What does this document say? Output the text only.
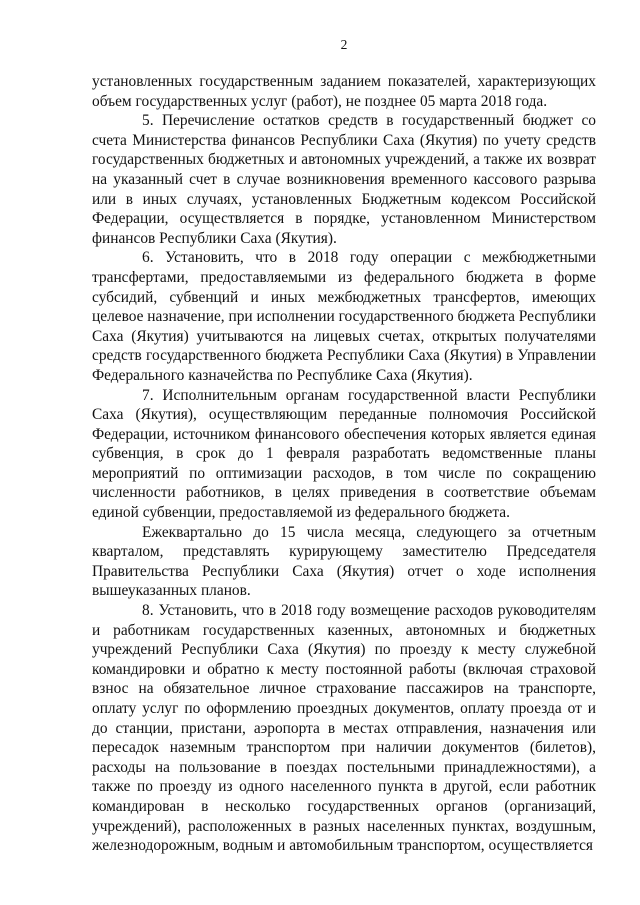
2

установленных государственным заданием показателей, характеризующих объем государственных услуг (работ), не позднее 05 марта 2018 года.

5. Перечисление остатков средств в государственный бюджет со счета Министерства финансов Республики Саха (Якутия) по учету средств государственных бюджетных и автономных учреждений, а также их возврат на указанный счет в случае возникновения временного кассового разрыва или в иных случаях, установленных Бюджетным кодексом Российской Федерации, осуществляется в порядке, установленном Министерством финансов Республики Саха (Якутия).

6. Установить, что в 2018 году операции с межбюджетными трансфертами, предоставляемыми из федерального бюджета в форме субсидий, субвенций и иных межбюджетных трансфертов, имеющих целевое назначение, при исполнении государственного бюджета Республики Саха (Якутия) учитываются на лицевых счетах, открытых получателями средств государственного бюджета Республики Саха (Якутия) в Управлении Федерального казначейства по Республике Саха (Якутия).

7. Исполнительным органам государственной власти Республики Саха (Якутия), осуществляющим переданные полномочия Российской Федерации, источником финансового обеспечения которых является единая субвенция, в срок до 1 февраля разработать ведомственные планы мероприятий по оптимизации расходов, в том числе по сокращению численности работников, в целях приведения в соответствие объемам единой субвенции, предоставляемой из федерального бюджета.

Ежеквартально до 15 числа месяца, следующего за отчетным кварталом, представлять курирующему заместителю Председателя Правительства Республики Саха (Якутия) отчет о ходе исполнения вышеуказанных планов.

8. Установить, что в 2018 году возмещение расходов руководителям и работникам государственных казенных, автономных и бюджетных учреждений Республики Саха (Якутия) по проезду к месту служебной командировки и обратно к месту постоянной работы (включая страховой взнос на обязательное личное страхование пассажиров на транспорте, оплату услуг по оформлению проездных документов, оплату проезда от и до станции, пристани, аэропорта в местах отправления, назначения или пересадок наземным транспортом при наличии документов (билетов), расходы на пользование в поездах постельными принадлежностями), а также по проезду из одного населенного пункта в другой, если работник командирован в несколько государственных органов (организаций, учреждений), расположенных в разных населенных пунктах, воздушным, железнодорожным, водным и автомобильным транспортом, осуществляется
